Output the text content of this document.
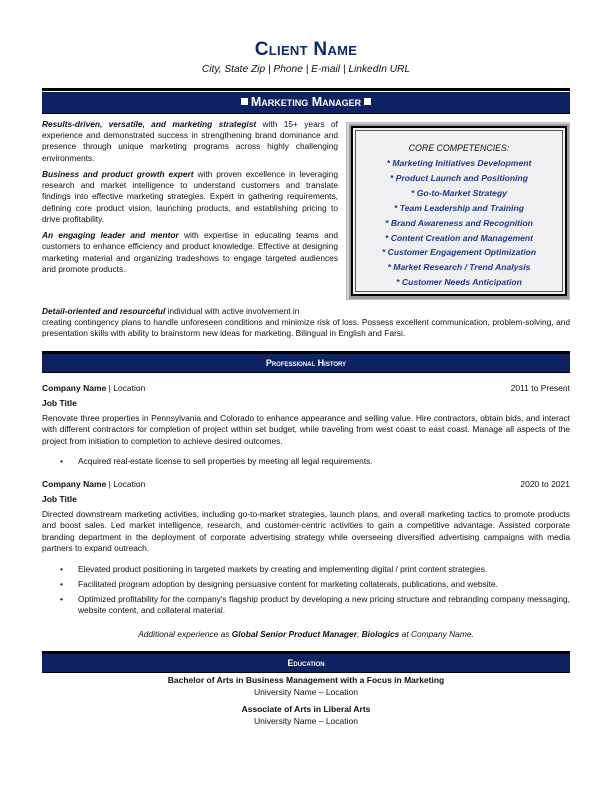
Client Name
City, State Zip | Phone | E-mail | LinkedIn URL
Marketing Manager

Results-driven, versatile, and marketing strategist with 15+ years of experience and demonstrated success in strengthening brand dominance and presence through unique marketing programs across highly challenging environments.

Business and product growth expert with proven excellence in leveraging research and market intelligence to understand customers and translate findings into effective marketing strategies. Expert in gathering requirements, defining core product vision, launching products, and establishing pricing to drive profitability.

An engaging leader and mentor with expertise in educating teams and customers to enhance efficiency and product knowledge. Effective at designing marketing material and organizing tradeshows to engage targeted audiences and promote products.

Detail-oriented and resourceful individual with active involvement in

creating contingency plans to handle unforeseen conditions and minimize risk of loss. Possess excellent communication, problem-solving, and presentation skills with ability to brainstorm new ideas for marketing. Bilingual in English and Farsi.

CORE COMPETENCIES:
* Marketing Initiatives Development
* Product Launch and Positioning
* Go-to-Market Strategy
* Team Leadership and Training
* Brand Awareness and Recognition
* Content Creation and Management
* Customer Engagement Optimization
* Market Research / Trend Analysis
* Customer Needs Anticipation
Professional History
Company Name | Location	2011 to Present
Job Title

Renovate three properties in Pennsylvania and Colorado to enhance appearance and selling value. Hire contractors, obtain bids, and interact with different contractors for completion of project within set budget, while traveling from west coast to east coast. Manage all aspects of the project from initiation to completion to achieve desired outcomes.

• Acquired real-estate license to sell properties by meeting all legal requirements.
Company Name | Location	2020 to 2021
Job Title

Directed downstream marketing activities, including go-to-market strategies, launch plans, and overall marketing tactics to promote products and boost sales. Led market intelligence, research, and customer-centric activities to gain a competitive advantage. Assisted corporate branding department in the deployment of corporate advertising strategy while overseeing diversified advertising campaigns with media partners to expand outreach.

• Elevated product positioning in targeted markets by creating and implementing digital / print content strategies.
• Facilitated program adoption by designing persuasive content for marketing collaterals, publications, and website.
• Optimized profitability for the company's flagship product by developing a new pricing structure and rebranding company messaging, website content, and collateral material.
Additional experience as Global Senior Product Manager, Biologics at Company Name.
Education
Bachelor of Arts in Business Management with a Focus in Marketing
University Name – Location
Associate of Arts in Liberal Arts
University Name – Location
